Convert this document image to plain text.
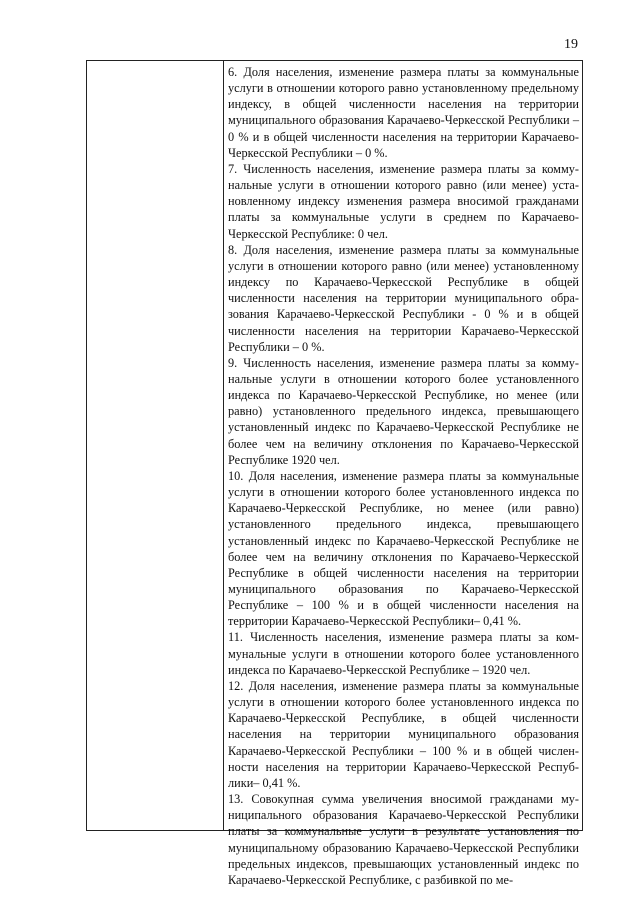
19

6. Доля населения, изменение размера платы за коммунальные услуги в отношении которого равно установленному предельному индексу, в общей численности населения на территории муниципального образования Карачаево-Черкесской Республики – 0 % и в общей численности населения на территории Карачаево-Черкесской Республики – 0 %.

7. Численность населения, изменение размера платы за коммунальные услуги в отношении которого равно (или менее) установленному индексу изменения размера вносимой гражданами платы за коммунальные услуги в среднем по Карачаево-Черкесской Республике: 0 чел.

8. Доля населения, изменение размера платы за коммунальные услуги в отношении которого равно (или менее) установленному индексу по Карачаево-Черкесской Республике в общей численности населения на территории муниципального образования Карачаево-Черкесской Республики - 0 % и в общей численности населения на территории Карачаево-Черкесской Республики – 0 %.

9. Численность населения, изменение размера платы за коммунальные услуги в отношении которого более установленного индекса по Карачаево-Черкесской Республике, но менее (или равно) установленного предельного индекса, превышающего установленный индекс по Карачаево-Черкесской Республике не более чем на величину отклонения по Карачаево-Черкесской Республике 1920 чел.

10. Доля населения, изменение размера платы за коммунальные услуги в отношении которого более установленного индекса по Карачаево-Черкесской Республике, но менее (или равно) установленного предельного индекса, превышающего установленный индекс по Карачаево-Черкесской Республике не более чем на величину отклонения по Карачаево-Черкесской Республике в общей численности населения на территории муниципального образования по Карачаево-Черкесской Республике – 100 % и в общей численности населения на территории Карачаево-Черкесской Республики– 0,41 %.

11. Численность населения, изменение размера платы за коммунальные услуги в отношении которого более установленного индекса по Карачаево-Черкесской Республике – 1920 чел.

12. Доля населения, изменение размера платы за коммунальные услуги в отношении которого более установленного индекса по Карачаево-Черкесской Республике, в общей численности населения на территории муниципального образования Карачаево-Черкесской Республики – 100 % и в общей численности населения на территории Карачаево-Черкесской Республики– 0,41 %.

13. Совокупная сумма увеличения вносимой гражданами муниципального образования Карачаево-Черкесской Республики платы за коммунальные услуги в результате установления по муниципальному образованию Карачаево-Черкесской Республики предельных индексов, превышающих установленный индекс по Карачаево-Черкесской Республике, с разбивкой по ме-
